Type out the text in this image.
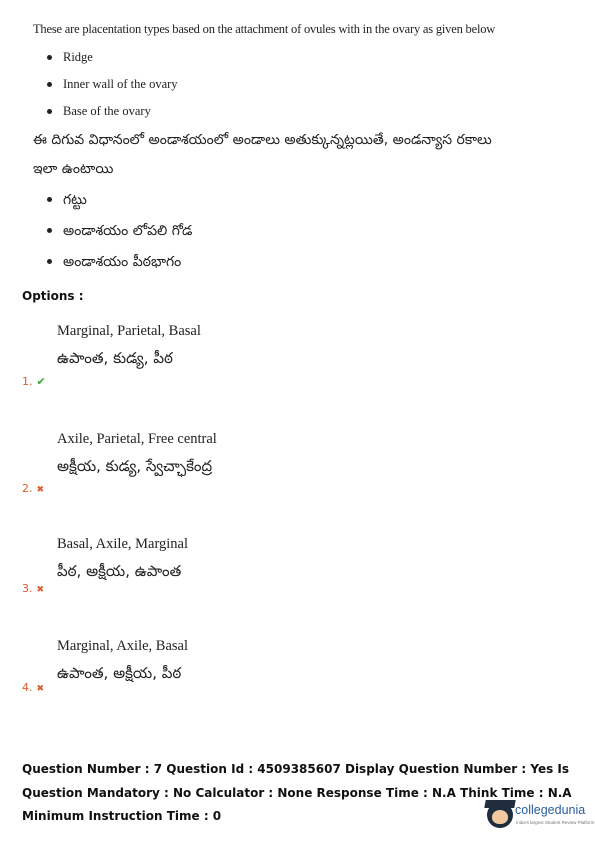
These are placentation types based on the attachment of ovules with in the ovary as given below
Ridge
Inner wall of the ovary
Base of the ovary
ఈ దిగువ విధానంలో అండాశయంలో అండాలు అతుక్కున్నట్లయితే, అండన్యాస రకాలు
ఇలా ఉంటాయి
గట్టు
అండాశయం లోపలి గోడ
అండాశయం పీఠభాగం
Options :
Marginal, Parietal, Basal
ఉపాంత, కుడ్య, పీఠ
1. ✔
Axile, Parietal, Free central
అక్షీయ, కుడ్య, స్వేచ్ఛాకేంద్ర
2. ✖
Basal, Axile, Marginal
పీఠ, అక్షీయ, ఉపాంత
3. ✖
Marginal, Axile, Basal
ఉపాంత, అక్షీయ, పీఠ
4. ✖
Question Number : 7 Question Id : 4509385607 Display Question Number : Yes Is Question Mandatory : No Calculator : None Response Time : N.A Think Time : N.A Minimum Instruction Time : 0	collegedunia
India's largest Student Review Platform
